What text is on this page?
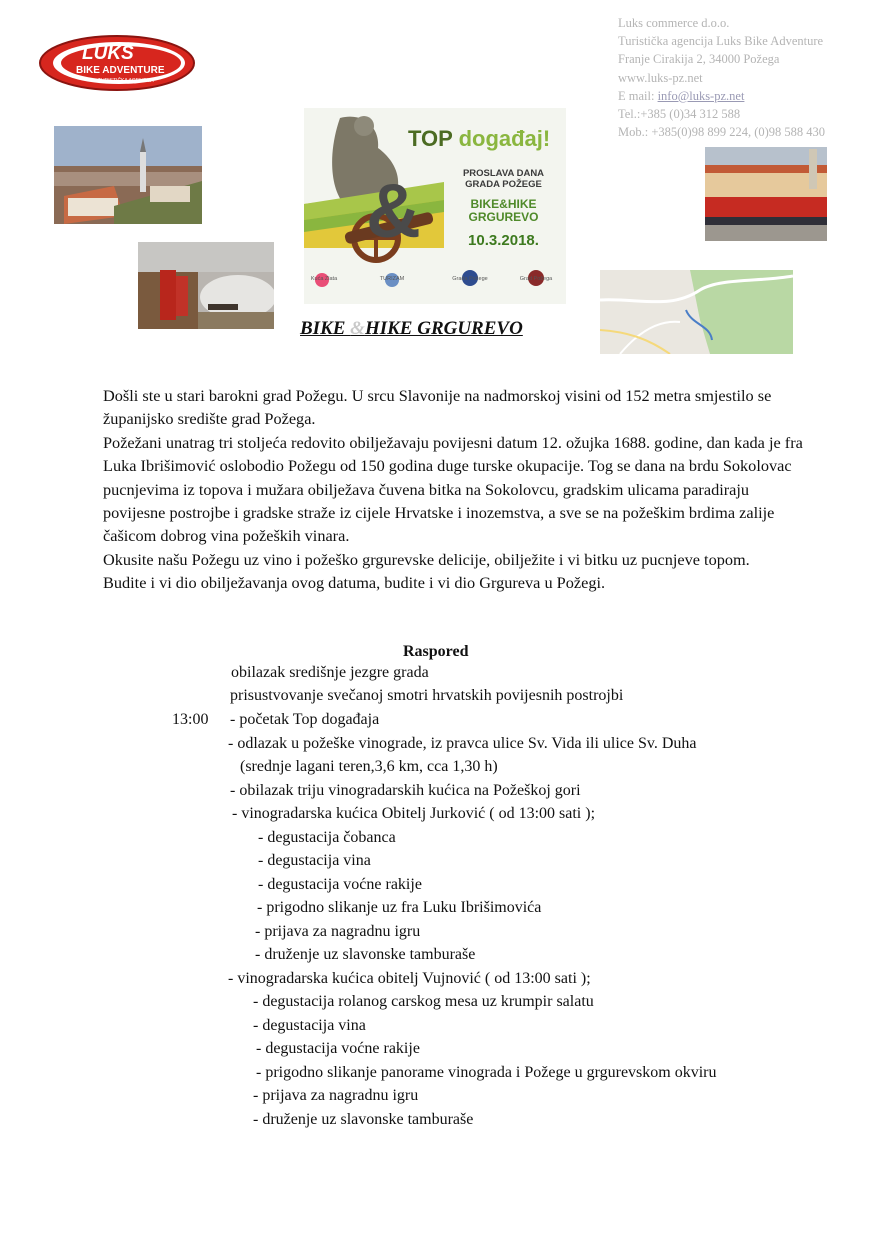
Luks commerce d.o.o.
Turistička agencija Luks Bike Adventure
Franje Cirakija 2, 34000 Požega
www.luks-pz.net
E mail: info@luks-pz.net
Tel.:+385 (0)34 312 588
Mob.: +385(0)98 899 224, (0)98 588 430
LUKS
BIKE ADVENTURE
TURISTIČKA AGENCIJA
TOP događaj!
&	PROSLAVA DANA
GRADA POŽEGE
BIKE&HIKE
GRGUREVO
10.3.2018.
Kuća Zlata	TURIZAM	Grada Požege	Grad Požega
BIKE &HIKE GRGUREVO

Došli ste u stari barokni grad Požegu. U srcu Slavonije na nadmorskoj visini od 152 metra smjestilo se županijsko središte grad Požega.

Požežani unatrag tri stoljeća redovito obilježavaju povijesni datum 12. ožujka 1688. godine, dan kada je fra Luka Ibrišimović oslobodio Požegu od 150 godina duge turske okupacije. Tog se dana na brdu Sokolovac pucnjevima iz topova i mužara obilježava čuvena bitka na Sokolovcu, gradskim ulicama paradiraju povijesne postrojbe i gradske straže iz cijele Hrvatske i inozemstva, a sve se na požeškim brdima zalije čašicom dobrog vina požeških vinara.

Okusite našu Požegu uz vino i požeško grgurevske delicije, obilježite i vi bitku uz pucnjeve topom.

Budite i vi dio obilježavanja ovog datuma, budite i vi dio Grgureva u Požegi.

Raspored
13:00
obilazak središnje jezgre grada
prisustvovanje svečanoj smotri hrvatskih povijesnih postrojbi
- početak Top događaja
- odlazak u požeške vinograde, iz pravca ulice Sv. Vida ili ulice Sv. Duha
(srednje lagani teren,3,6 km, cca 1,30 h)
- obilazak triju vinogradarskih kućica na Požeškoj gori
- vinogradarska kućica Obitelj Jurković ( od 13:00 sati );
- degustacija čobanca
- degustacija vina
- degustacija voćne rakije
- prigodno slikanje uz fra Luku Ibrišimovića
- prijava za nagradnu igru
- druženje uz slavonske tamburaše
- vinogradarska kućica obitelj Vujnović ( od 13:00 sati );
- degustacija rolanog carskog mesa uz krumpir salatu
- degustacija vina
- degustacija voćne rakije
- prigodno slikanje panorame vinograda i Požege u grgurevskom okviru
- prijava za nagradnu igru
- druženje uz slavonske tamburaše
